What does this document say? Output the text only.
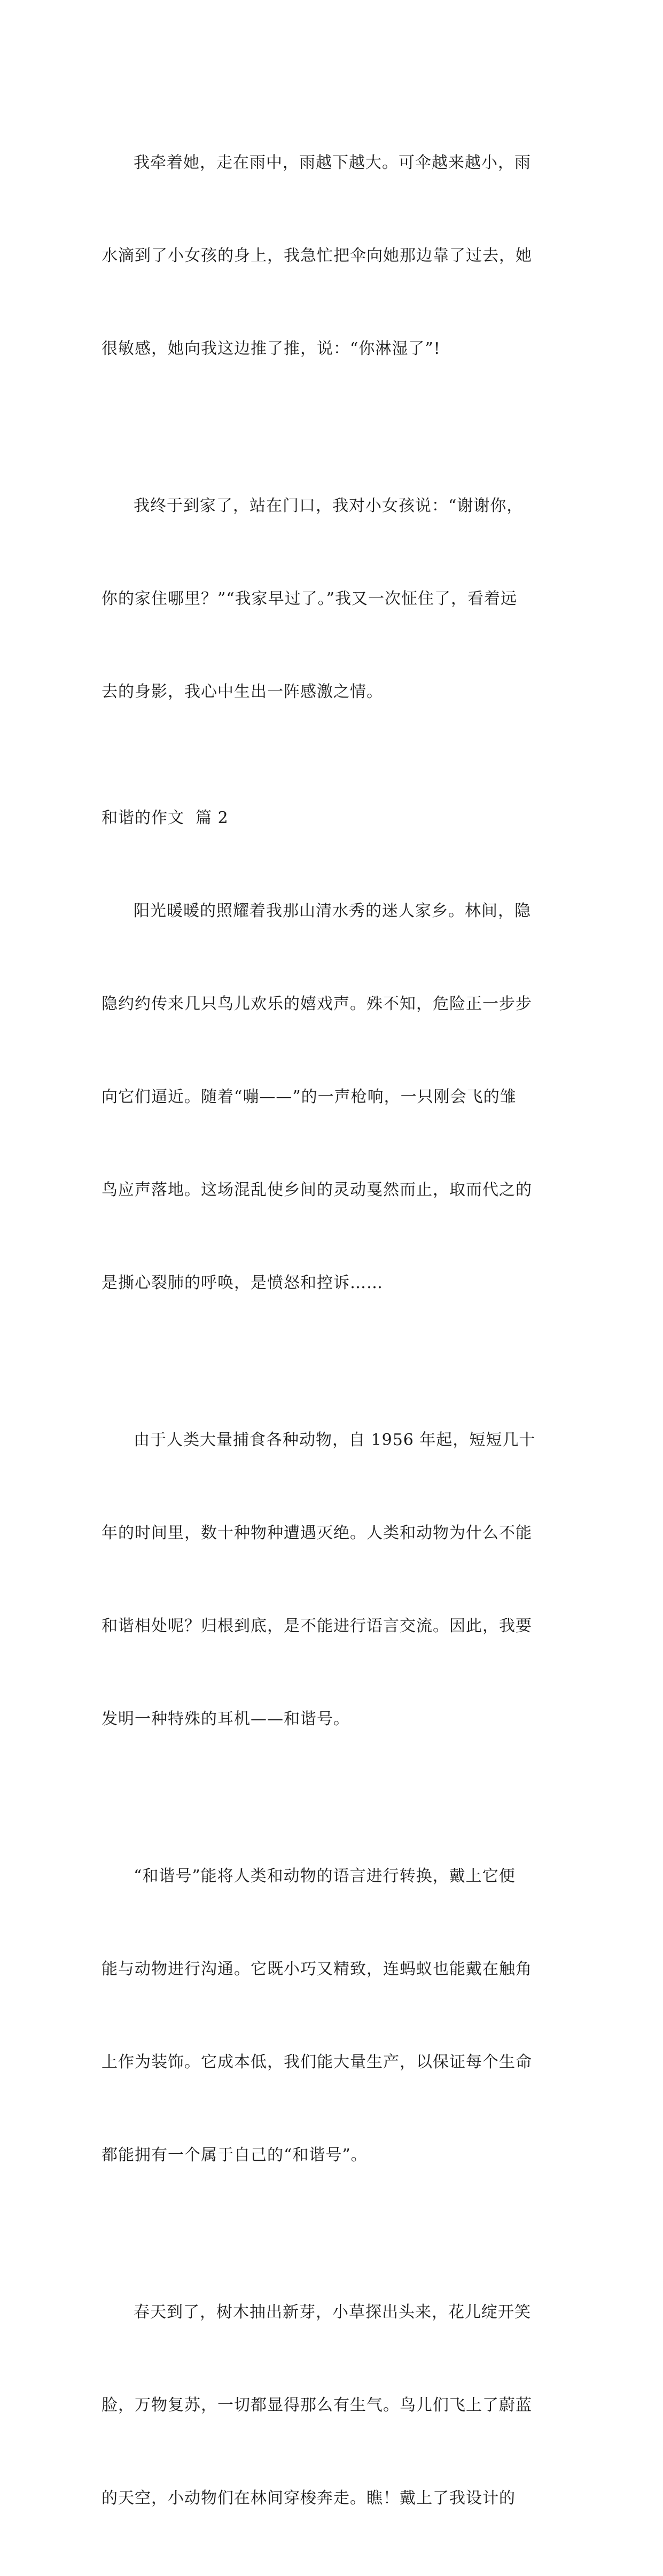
我牵着她，走在雨中，雨越下越大。可伞越来越小，雨

水滴到了小女孩的身上，我急忙把伞向她那边靠了过去，她

很敏感，她向我这边推了推，说：“你淋湿了”!

我终于到家了，站在门口，我对小女孩说：“谢谢你，

你的家住哪里？”“我家早过了。”我又一次怔住了，看着远

去的身影，我心中生出一阵感激之情。

和谐的作文  篇 2

阳光暖暖的照耀着我那山清水秀的迷人家乡。林间，隐

隐约约传来几只鸟儿欢乐的嬉戏声。殊不知，危险正一步步

向它们逼近。随着“嘣——”的一声枪响，一只刚会飞的雏

鸟应声落地。这场混乱使乡间的灵动戛然而止，取而代之的

是撕心裂肺的呼唤，是愤怒和控诉……

由于人类大量捕食各种动物，自 1956 年起，短短几十

年的时间里，数十种物种遭遇灭绝。人类和动物为什么不能

和谐相处呢？归根到底，是不能进行语言交流。因此，我要

发明一种特殊的耳机——和谐号。

“和谐号”能将人类和动物的语言进行转换，戴上它便

能与动物进行沟通。它既小巧又精致，连蚂蚁也能戴在触角

上作为装饰。它成本低，我们能大量生产，以保证每个生命

都能拥有一个属于自己的“和谐号”。

春天到了，树木抽出新芽，小草探出头来，花儿绽开笑

脸，万物复苏，一切都显得那么有生气。鸟儿们飞上了蔚蓝

的天空，小动物们在林间穿梭奔走。瞧！戴上了我设计的
